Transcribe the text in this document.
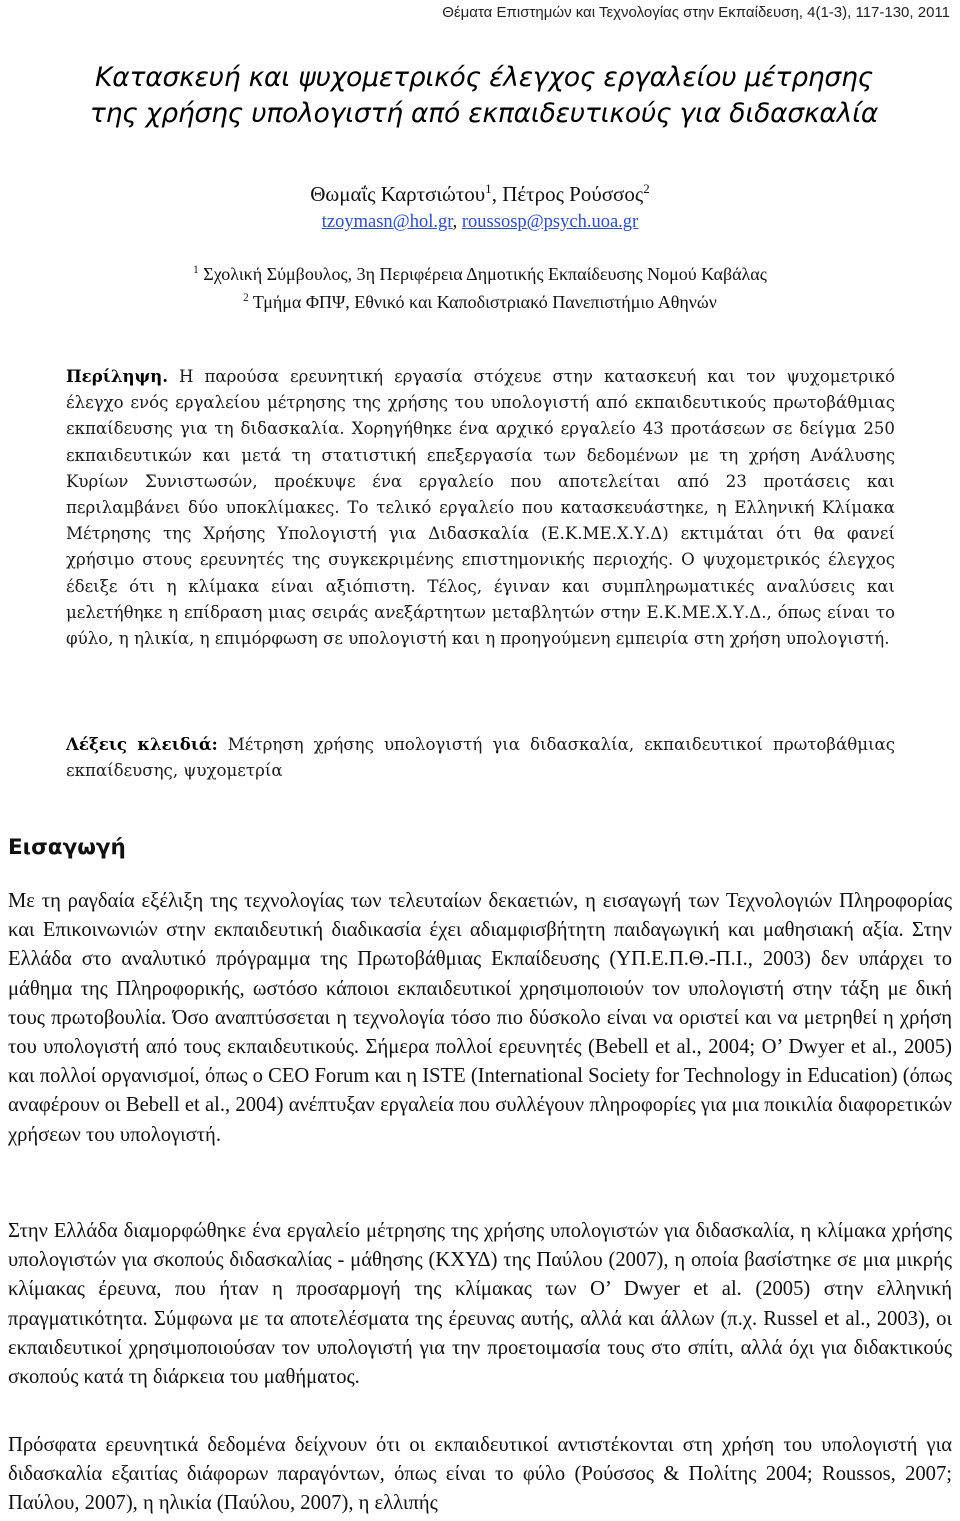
Θέματα Επιστημών και Τεχνολογίας στην Εκπαίδευση, 4(1-3), 117-130, 2011
Κατασκευή και ψυχομετρικός έλεγχος εργαλείου μέτρησης
της χρήσης υπολογιστή από εκπαιδευτικούς για διδασκαλία
Θωμαΐς Καρτσιώτου$^1$, Πέτρος Ρούσσος$^2$
tzoymasn@hol.gr, roussosp@psych.uoa.gr
$^1$ Σχολική Σύμβουλος, 3η Περιφέρεια Δημοτικής Εκπαίδευσης Νομού Καβάλας
$^2$ Τμήμα ΦΠΨ, Εθνικό και Καποδιστριακό Πανεπιστήμιο Αθηνών

Περίληψη. Η παρούσα ερευνητική εργασία στόχευε στην κατασκευή και τον ψυχομετρικό έλεγχο ενός εργαλείου μέτρησης της χρήσης του υπολογιστή από εκπαιδευτικούς πρωτοβάθμιας εκπαίδευσης για τη διδασκαλία. Χορηγήθηκε ένα αρχικό εργαλείο 43 προτάσεων σε δείγμα 250 εκπαιδευτικών και μετά τη στατιστική επεξεργασία των δεδομένων με τη χρήση Ανάλυσης Κυρίων Συνιστωσών, προέκυψε ένα εργαλείο που αποτελείται από 23 προτάσεις και περιλαμβάνει δύο υποκλίμακες. Το τελικό εργαλείο που κατασκευάστηκε, η Ελληνική Κλίμακα Μέτρησης της Χρήσης Υπολογιστή για Διδασκαλία (Ε.Κ.ΜΕ.Χ.Υ.Δ) εκτιμάται ότι θα φανεί χρήσιμο στους ερευνητές της συγκεκριμένης επιστημονικής περιοχής. Ο ψυχομετρικός έλεγχος έδειξε ότι η κλίμακα είναι αξιόπιστη. Τέλος, έγιναν και συμπληρωματικές αναλύσεις και μελετήθηκε η επίδραση μιας σειράς ανεξάρτητων μεταβλητών στην Ε.Κ.ΜΕ.Χ.Υ.Δ., όπως είναι το φύλο, η ηλικία, η επιμόρφωση σε υπολογιστή και η προηγούμενη εμπειρία στη χρήση υπολογιστή.

Λέξεις κλειδιά: Μέτρηση χρήσης υπολογιστή για διδασκαλία, εκπαιδευτικοί πρωτοβάθμιας εκπαίδευσης, ψυχομετρία

Εισαγωγή

Με τη ραγδαία εξέλιξη της τεχνολογίας των τελευταίων δεκαετιών, η εισαγωγή των Τεχνολογιών Πληροφορίας και Επικοινωνιών στην εκπαιδευτική διαδικασία έχει αδιαμφισβήτητη παιδαγωγική και μαθησιακή αξία. Στην Ελλάδα στο αναλυτικό πρόγραμμα της Πρωτοβάθμιας Εκπαίδευσης (ΥΠ.Ε.Π.Θ.-Π.Ι., 2003) δεν υπάρχει το μάθημα της Πληροφορικής, ωστόσο κάποιοι εκπαιδευτικοί χρησιμοποιούν τον υπολογιστή στην τάξη με δική τους πρωτοβουλία. Όσο αναπτύσσεται η τεχνολογία τόσο πιο δύσκολο είναι να οριστεί και να μετρηθεί η χρήση του υπολογιστή από τους εκπαιδευτικούς. Σήμερα πολλοί ερευνητές (Bebell et al., 2004; O’ Dwyer et al., 2005) και πολλοί οργανισμοί, όπως ο CEO Forum και η ISTE (International Society for Technology in Education) (όπως αναφέρουν οι Bebell et al., 2004) ανέπτυξαν εργαλεία που συλλέγουν πληροφορίες για μια ποικιλία διαφορετικών χρήσεων του υπολογιστή.

Στην Ελλάδα διαμορφώθηκε ένα εργαλείο μέτρησης της χρήσης υπολογιστών για διδασκαλία, η κλίμακα χρήσης υπολογιστών για σκοπούς διδασκαλίας - μάθησης (ΚΧΥΔ) της Παύλου (2007), η οποία βασίστηκε σε μια μικρής κλίμακας έρευνα, που ήταν η προσαρμογή της κλίμακας των O’ Dwyer et al. (2005) στην ελληνική πραγματικότητα. Σύμφωνα με τα αποτελέσματα της έρευνας αυτής, αλλά και άλλων (π.χ. Russel et al., 2003), οι εκπαιδευτικοί χρησιμοποιούσαν τον υπολογιστή για την προετοιμασία τους στο σπίτι, αλλά όχι για διδακτικούς σκοπούς κατά τη διάρκεια του μαθήματος.

Πρόσφατα ερευνητικά δεδομένα δείχνουν ότι οι εκπαιδευτικοί αντιστέκονται στη χρήση του υπολογιστή για διδασκαλία εξαιτίας διάφορων παραγόντων, όπως είναι το φύλο (Ρούσσος & Πολίτης 2004; Roussos, 2007; Παύλου, 2007), η ηλικία (Παύλου, 2007), η ελλιπής
